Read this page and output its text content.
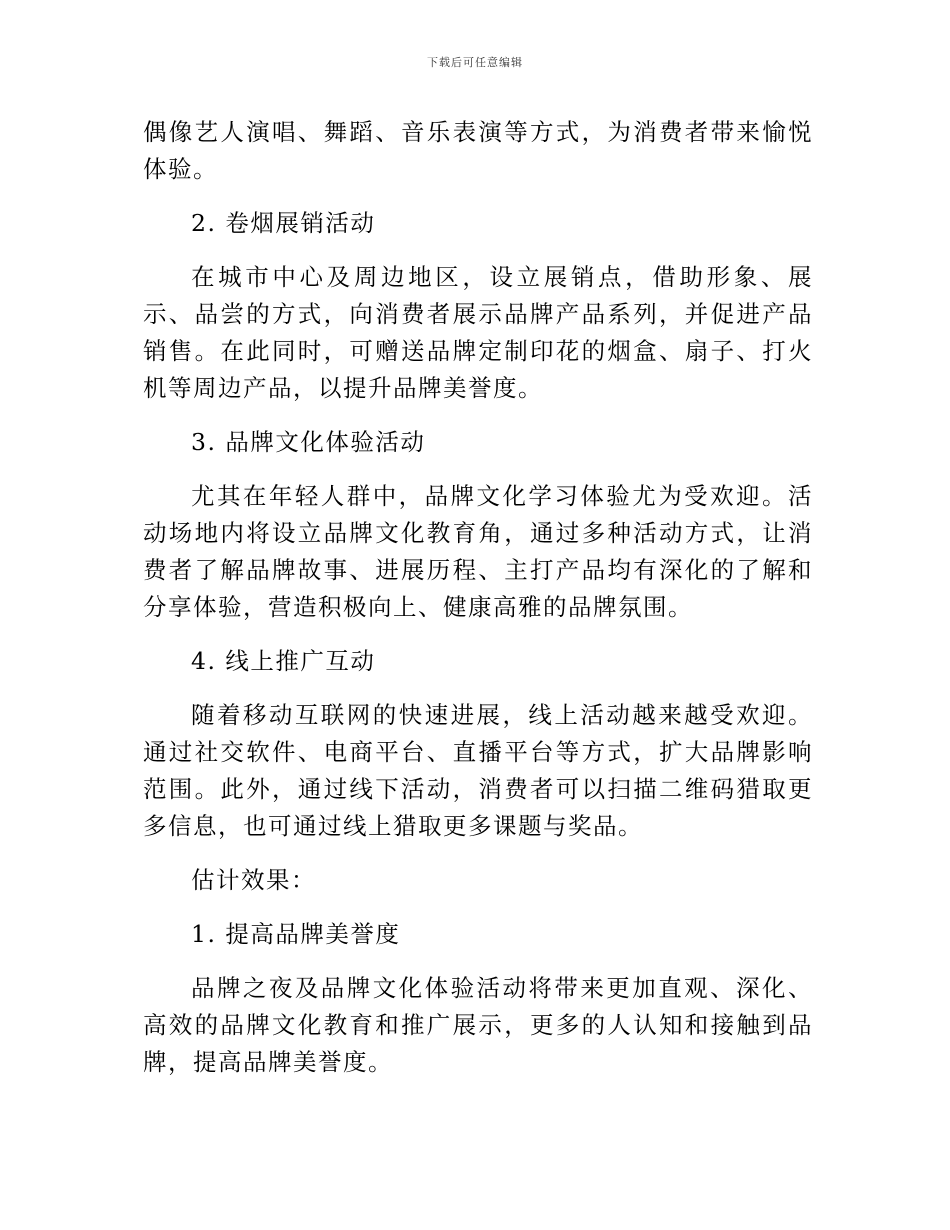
下载后可任意编辑

偶像艺人演唱、舞蹈、音乐表演等方式，为消费者带来愉悦体验。

2. 卷烟展销活动

在城市中心及周边地区，设立展销点，借助形象、展示、品尝的方式，向消费者展示品牌产品系列，并促进产品销售。在此同时，可赠送品牌定制印花的烟盒、扇子、打火机等周边产品，以提升品牌美誉度。

3. 品牌文化体验活动

尤其在年轻人群中，品牌文化学习体验尤为受欢迎。活动场地内将设立品牌文化教育角，通过多种活动方式，让消费者了解品牌故事、进展历程、主打产品均有深化的了解和分享体验，营造积极向上、健康高雅的品牌氛围。

4. 线上推广互动

随着移动互联网的快速进展，线上活动越来越受欢迎。通过社交软件、电商平台、直播平台等方式，扩大品牌影响范围。此外，通过线下活动，消费者可以扫描二维码猎取更多信息，也可通过线上猎取更多课题与奖品。

估计效果：
1. 提高品牌美誉度

品牌之夜及品牌文化体验活动将带来更加直观、深化、高效的品牌文化教育和推广展示，更多的人认知和接触到品牌，提高品牌美誉度。
